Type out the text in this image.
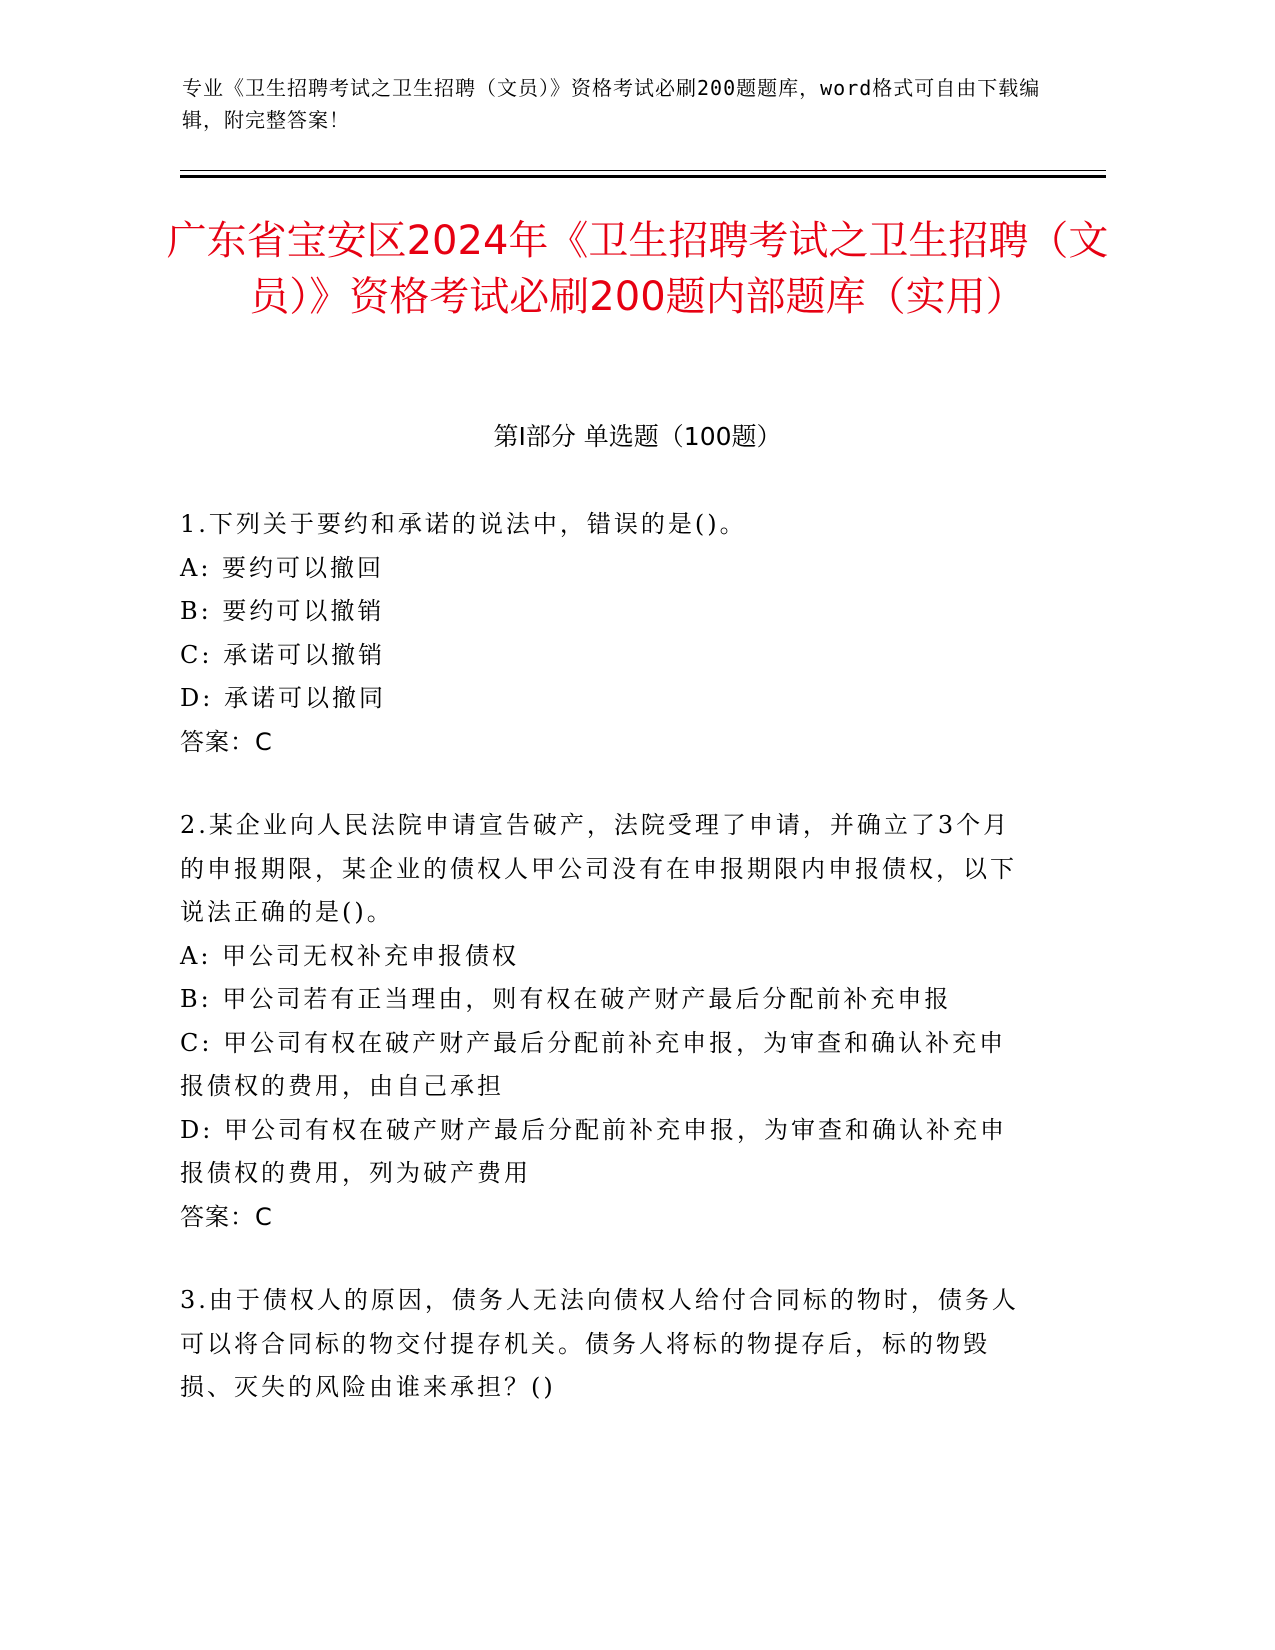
专业《卫生招聘考试之卫生招聘（文员）》资格考试必刷200题题库，word格式可自由下载编辑，附完整答案！
广东省宝安区2024年《卫生招聘考试之卫生招聘（文员）》资格考试必刷200题内部题库（实用）
第Ⅰ部分 单选题（100题）
1.下列关于要约和承诺的说法中，错误的是()。
A: 要约可以撤回
B: 要约可以撤销
C: 承诺可以撤销
D: 承诺可以撤同
答案：C
2.某企业向人民法院申请宣告破产，法院受理了申请，并确立了3个月的申报期限，某企业的债权人甲公司没有在申报期限内申报债权，以下说法正确的是()。
A: 甲公司无权补充申报债权
B: 甲公司若有正当理由，则有权在破产财产最后分配前补充申报
C: 甲公司有权在破产财产最后分配前补充申报，为审查和确认补充申报债权的费用，由自己承担
D: 甲公司有权在破产财产最后分配前补充申报，为审查和确认补充申报债权的费用，列为破产费用
答案：C
3.由于债权人的原因，债务人无法向债权人给付合同标的物时，债务人可以将合同标的物交付提存机关。债务人将标的物提存后，标的物毁损、灭失的风险由谁来承担？()
